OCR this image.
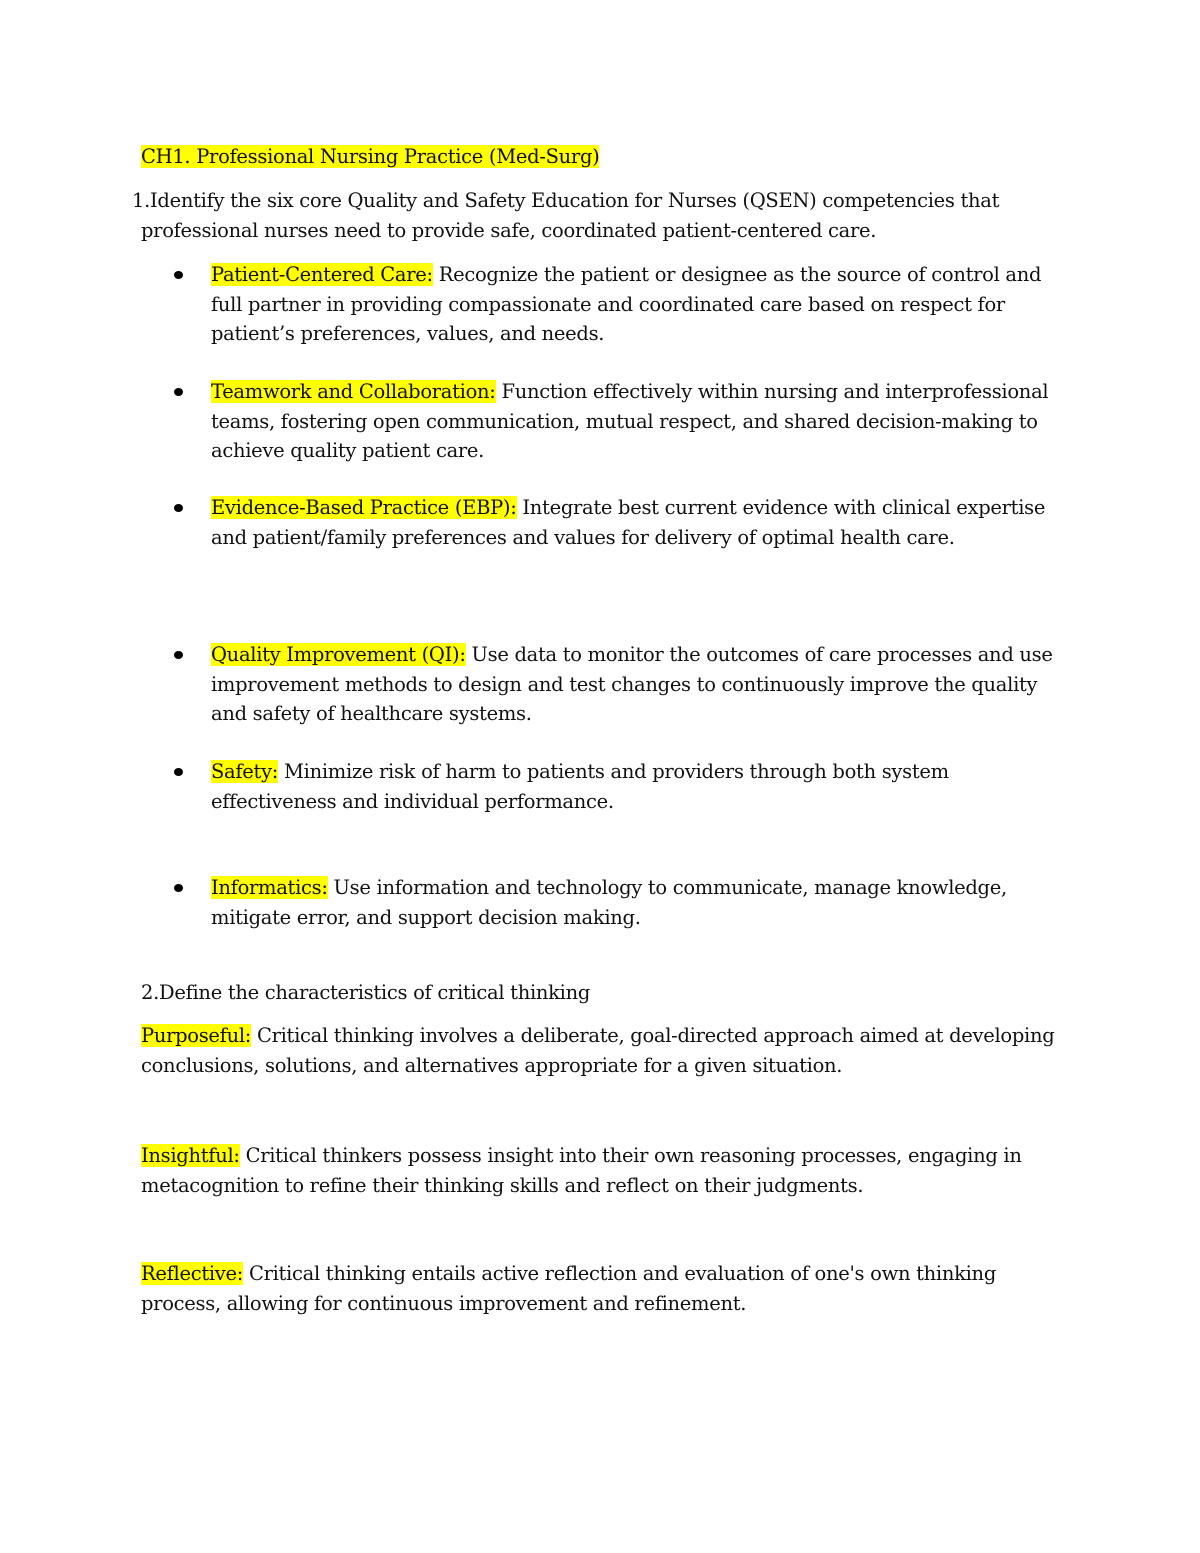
CH1. Professional Nursing Practice (Med-Surg)
1.Identify the six core Quality and Safety Education for Nurses (QSEN) competencies that
professional nurses need to provide safe, coordinated patient-centered care.
Patient-Centered Care: Recognize the patient or designee as the source of control and full partner in providing compassionate and coordinated care based on respect for patient’s preferences, values, and needs.
Teamwork and Collaboration: Function effectively within nursing and interprofessional teams, fostering open communication, mutual respect, and shared decision-making to achieve quality patient care.
Evidence-Based Practice (EBP): Integrate best current evidence with clinical expertise and patient/family preferences and values for delivery of optimal health care.
Quality Improvement (QI): Use data to monitor the outcomes of care processes and use improvement methods to design and test changes to continuously improve the quality and safety of healthcare systems.
Safety: Minimize risk of harm to patients and providers through both system effectiveness and individual performance.
Informatics: Use information and technology to communicate, manage knowledge, mitigate error, and support decision making.
2.Define the characteristics of critical thinking
Purposeful: Critical thinking involves a deliberate, goal-directed approach aimed at developing conclusions, solutions, and alternatives appropriate for a given situation.
Insightful: Critical thinkers possess insight into their own reasoning processes, engaging in metacognition to refine their thinking skills and reflect on their judgments.
Reflective: Critical thinking entails active reflection and evaluation of one's own thinking process, allowing for continuous improvement and refinement.
